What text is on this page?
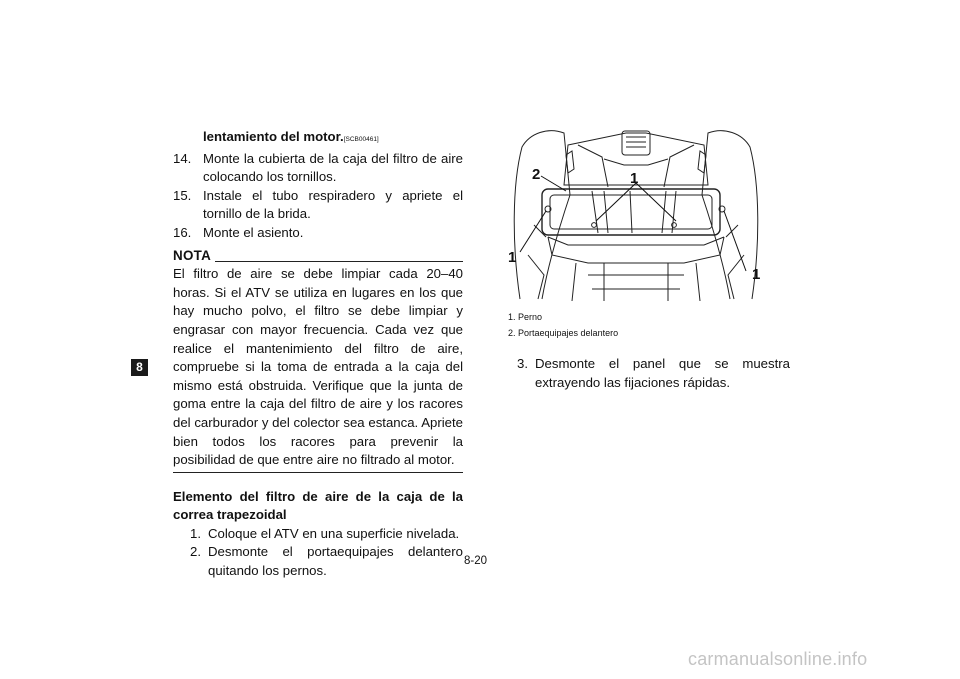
8

lentamiento del motor.[SCB00461]

14. Monte la cubierta de la caja del filtro de aire colocando los tornillos.
15. Instale el tubo respiradero y apriete el tornillo de la brida.
16. Monte el asiento.
NOTA

El filtro de aire se debe limpiar cada 20–40 horas. Si el ATV se utiliza en lugares en los que hay mucho polvo, el filtro se debe limpiar y engrasar con mayor frecuencia. Cada vez que realice el mantenimiento del filtro de aire, compruebe si la toma de entrada a la caja del mismo está obstruida. Verifique que la junta de goma entre la caja del filtro de aire y los racores del carburador y del colector sea estanca. Apriete bien todos los racores para prevenir la posibilidad de que entre aire no filtrado al motor.

Elemento del filtro de aire de la caja de la correa trapezoidal

1. Coloque el ATV en una superficie nivelada.
2. Desmonte el portaequipajes delantero quitando los pernos.
2	1
1
1
1. Perno
2. Portaequipajes delantero
3. Desmonte el panel que se muestra extrayendo las fijaciones rápidas.
8-20
carmanualsonline.info
